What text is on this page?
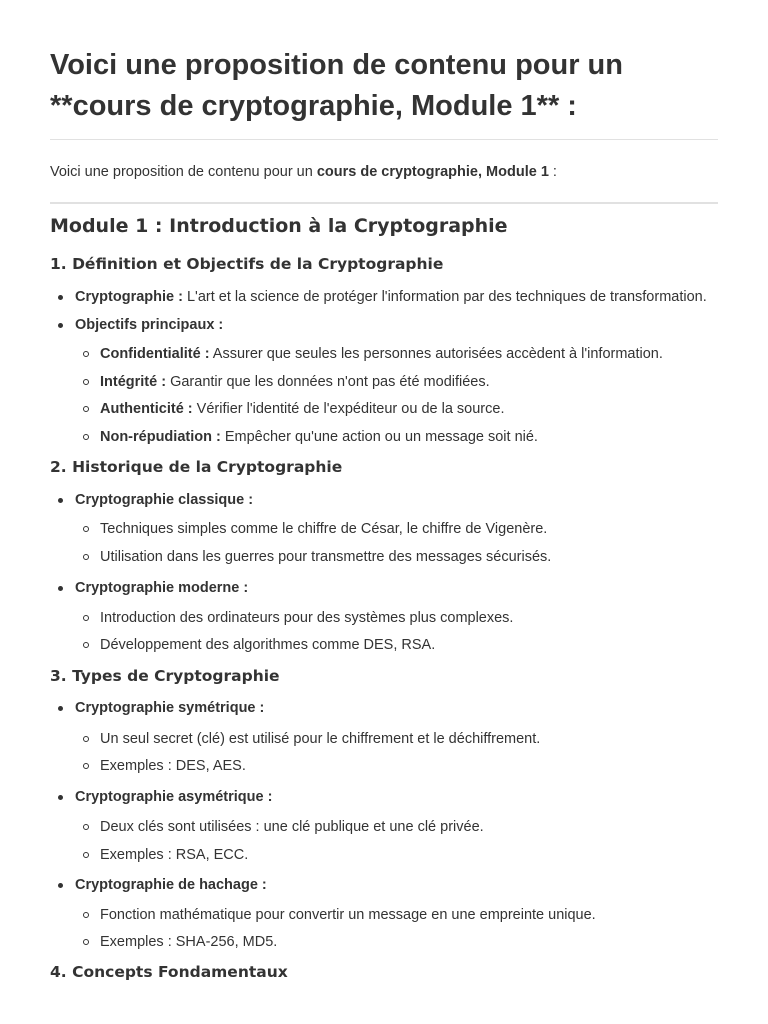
Voici une proposition de contenu pour un **cours de cryptographie, Module 1** :

Voici une proposition de contenu pour un cours de cryptographie, Module 1 :

Module 1 : Introduction à la Cryptographie
1. Définition et Objectifs de la Cryptographie
Cryptographie : L'art et la science de protéger l'information par des techniques de transformation.
Objectifs principaux :
Confidentialité : Assurer que seules les personnes autorisées accèdent à l'information.
Intégrité : Garantir que les données n'ont pas été modifiées.
Authenticité : Vérifier l'identité de l'expéditeur ou de la source.
Non-répudiation : Empêcher qu'une action ou un message soit nié.
2. Historique de la Cryptographie
Cryptographie classique :
Techniques simples comme le chiffre de César, le chiffre de Vigenère.
Utilisation dans les guerres pour transmettre des messages sécurisés.
Cryptographie moderne :
Introduction des ordinateurs pour des systèmes plus complexes.
Développement des algorithmes comme DES, RSA.
3. Types de Cryptographie
Cryptographie symétrique :
Un seul secret (clé) est utilisé pour le chiffrement et le déchiffrement.
Exemples : DES, AES.
Cryptographie asymétrique :
Deux clés sont utilisées : une clé publique et une clé privée.
Exemples : RSA, ECC.
Cryptographie de hachage :
Fonction mathématique pour convertir un message en une empreinte unique.
Exemples : SHA-256, MD5.
4. Concepts Fondamentaux
